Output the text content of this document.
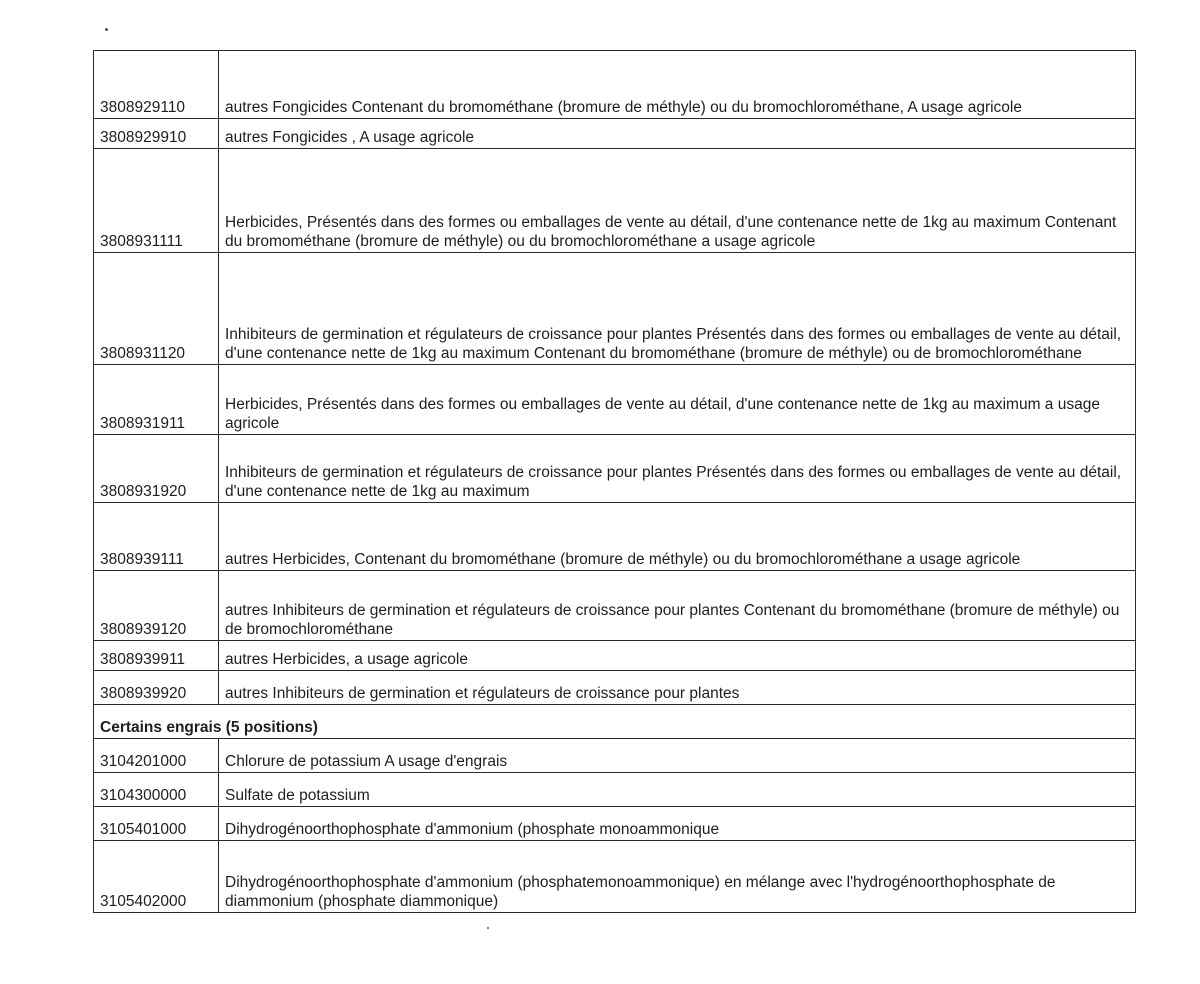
3808929110	autres Fongicides Contenant du bromométhane (bromure de méthyle) ou du bromochlorométhane, A usage agricole
3808929910	autres Fongicides , A usage agricole
3808931111	Herbicides, Présentés dans des formes ou emballages de vente au détail, d'une contenance nette de 1kg au maximum Contenant du bromométhane (bromure de méthyle) ou du bromochlorométhane a usage agricole
3808931120	Inhibiteurs de germination et régulateurs de croissance pour plantes Présentés dans des formes ou emballages de vente au détail, d'une contenance nette de 1kg au maximum Contenant du bromométhane (bromure de méthyle) ou de bromochlorométhane
3808931911	Herbicides, Présentés dans des formes ou emballages de vente au détail, d'une contenance nette de 1kg au maximum a usage agricole
3808931920	Inhibiteurs de germination et régulateurs de croissance pour plantes Présentés dans des formes ou emballages de vente au détail, d'une contenance nette de 1kg au maximum
3808939111	autres Herbicides, Contenant du bromométhane (bromure de méthyle) ou du bromochlorométhane a usage agricole
3808939120	autres Inhibiteurs de germination et régulateurs de croissance pour plantes Contenant du bromométhane (bromure de méthyle) ou de bromochlorométhane
3808939911	autres Herbicides, a usage agricole
3808939920	autres Inhibiteurs de germination et régulateurs de croissance pour plantes
Certains engrais (5 positions)	
3104201000	Chlorure de potassium A usage d'engrais
3104300000	Sulfate de potassium
3105401000	Dihydrogénoorthophosphate d'ammonium (phosphate monoammonique
3105402000	Dihydrogénoorthophosphate d'ammonium (phosphatemonoammonique) en mélange avec l'hydrogénoorthophosphate de diammonium (phosphate diammonique)
